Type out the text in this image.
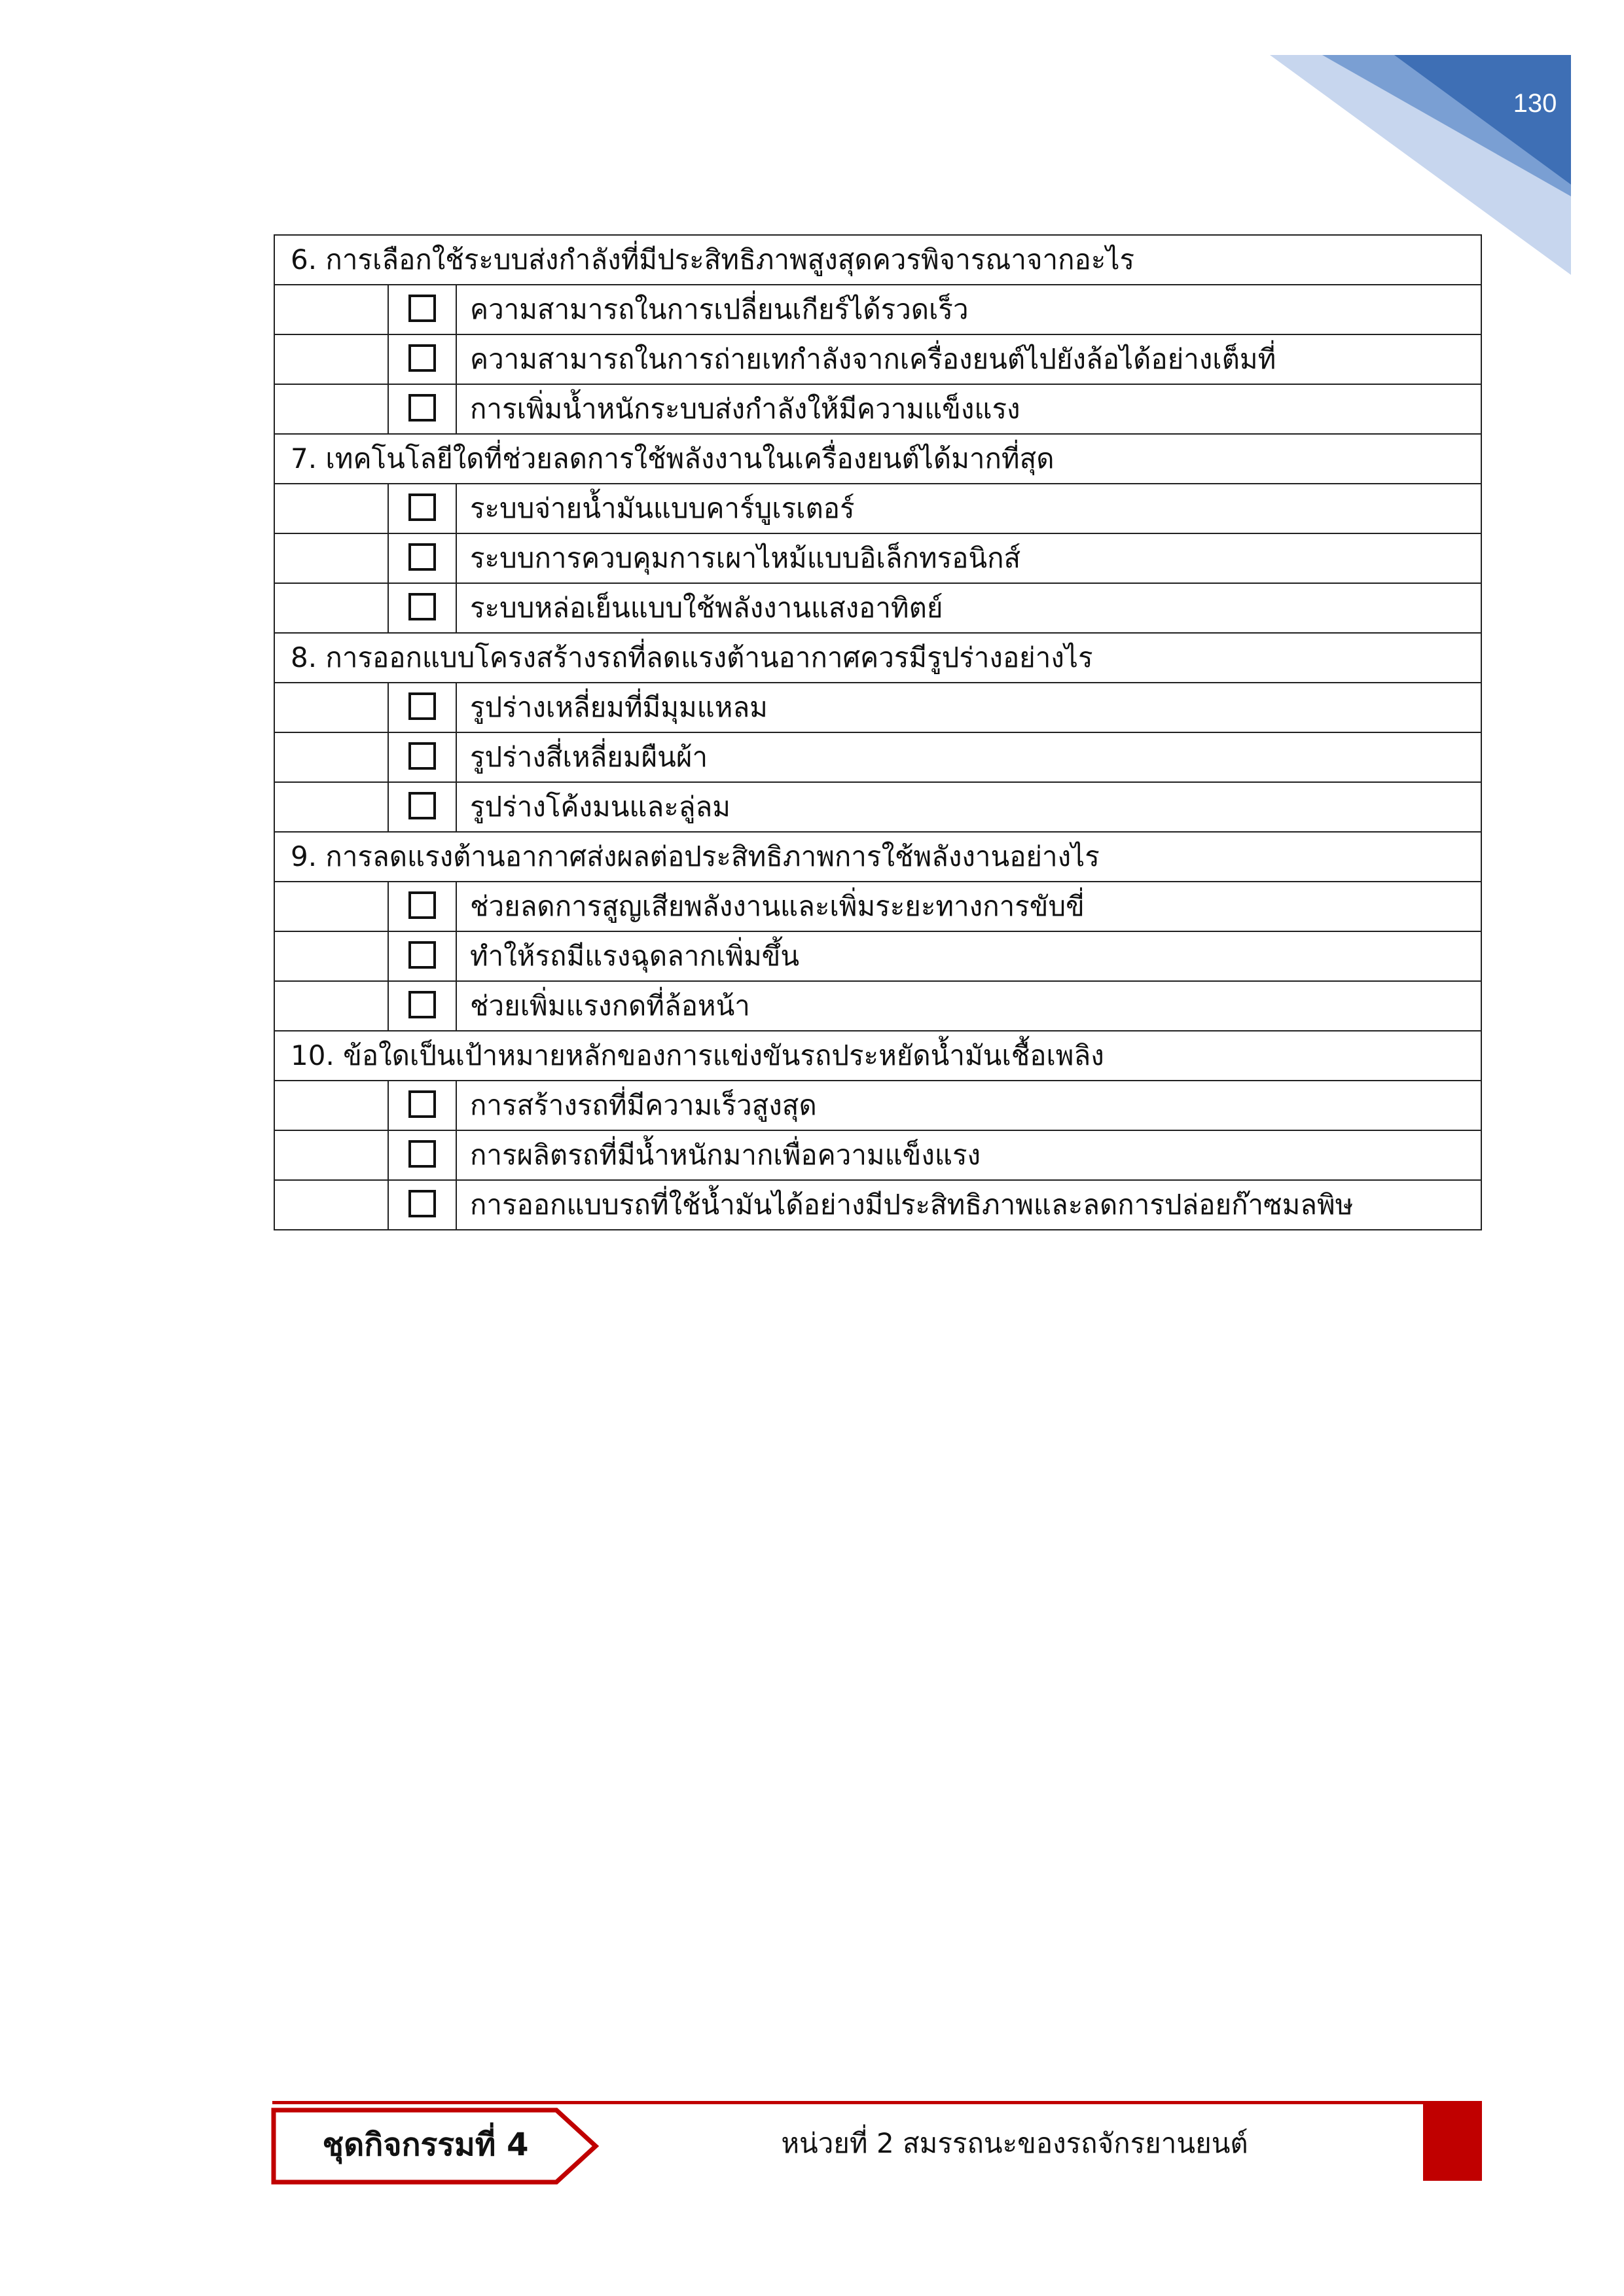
130
6. การเลือกใช้ระบบส่งกำลังที่มีประสิทธิภาพสูงสุดควรพิจารณาจากอะไร		
		ความสามารถในการเปลี่ยนเกียร์ได้รวดเร็ว
		ความสามารถในการถ่ายเทกำลังจากเครื่องยนต์ไปยังล้อได้อย่างเต็มที่
		การเพิ่มน้ำหนักระบบส่งกำลังให้มีความแข็งแรง
7. เทคโนโลยีใดที่ช่วยลดการใช้พลังงานในเครื่องยนต์ได้มากที่สุด		
		ระบบจ่ายน้ำมันแบบคาร์บูเรเตอร์
		ระบบการควบคุมการเผาไหม้แบบอิเล็กทรอนิกส์
		ระบบหล่อเย็นแบบใช้พลังงานแสงอาทิตย์
8. การออกแบบโครงสร้างรถที่ลดแรงต้านอากาศควรมีรูปร่างอย่างไร		
		รูปร่างเหลี่ยมที่มีมุมแหลม
		รูปร่างสี่เหลี่ยมผืนผ้า
		รูปร่างโค้งมนและลู่ลม
9. การลดแรงต้านอากาศส่งผลต่อประสิทธิภาพการใช้พลังงานอย่างไร		
		ช่วยลดการสูญเสียพลังงานและเพิ่มระยะทางการขับขี่
		ทำให้รถมีแรงฉุดลากเพิ่มขึ้น
		ช่วยเพิ่มแรงกดที่ล้อหน้า
10. ข้อใดเป็นเป้าหมายหลักของการแข่งขันรถประหยัดน้ำมันเชื้อเพลิง		
		การสร้างรถที่มีความเร็วสูงสุด
		การผลิตรถที่มีน้ำหนักมากเพื่อความแข็งแรง
		การออกแบบรถที่ใช้น้ำมันได้อย่างมีประสิทธิภาพและลดการปล่อยก๊าซมลพิษ
ชุดกิจกรรมที่ 4	หน่วยที่ 2 สมรรถนะของรถจักรยานยนต์
